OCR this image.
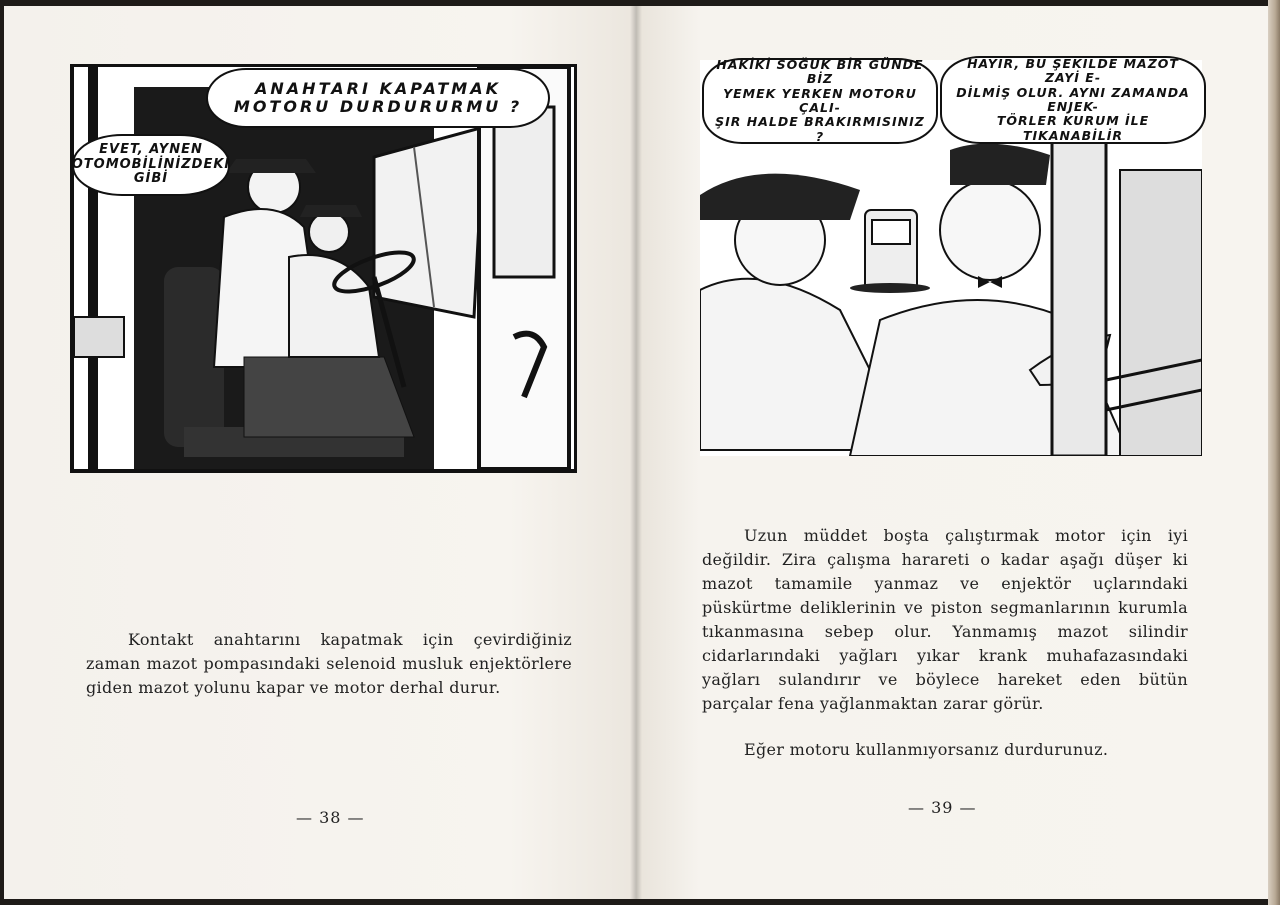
ANAHTARI KAPATMAK
MOTORU DURDURURMU ?
EVET, AYNEN
OTOMOBİLİNİZDEKİ
GİBİ

Kontakt anahtarını kapatmak için çevirdiğiniz zaman mazot pompasındaki selenoid musluk enjektörlere giden mazot yolunu kapar ve motor derhal durur.

— 38 —
HAKİKİ SOĞUK BİR GÜNDE BİZ
YEMEK YERKEN MOTORU ÇALI-
ŞIR HALDE BRAKIRMISINIZ ?
HAYIR, BU ŞEKİLDE MAZOT ZAYİ E-
DİLMİŞ OLUR. AYNI ZAMANDA ENJEK-
TÖRLER KURUM İLE TIKANABİLİR

Uzun müddet boşta çalıştırmak motor için iyi değildir. Zira çalışma harareti o kadar aşağı düşer ki mazot tamamile yanmaz ve enjektör uçlarındaki püskürtme deliklerinin ve piston segmanlarının kurumla tıkanmasına sebep olur. Yanmamış mazot silindir cidarlarındaki yağları yıkar krank muhafazasındaki yağları sulandırır ve böylece hareket eden bütün parçalar fena yağlanmaktan zarar görür.

Eğer motoru kullanmıyorsanız durdurunuz.

— 39 —
